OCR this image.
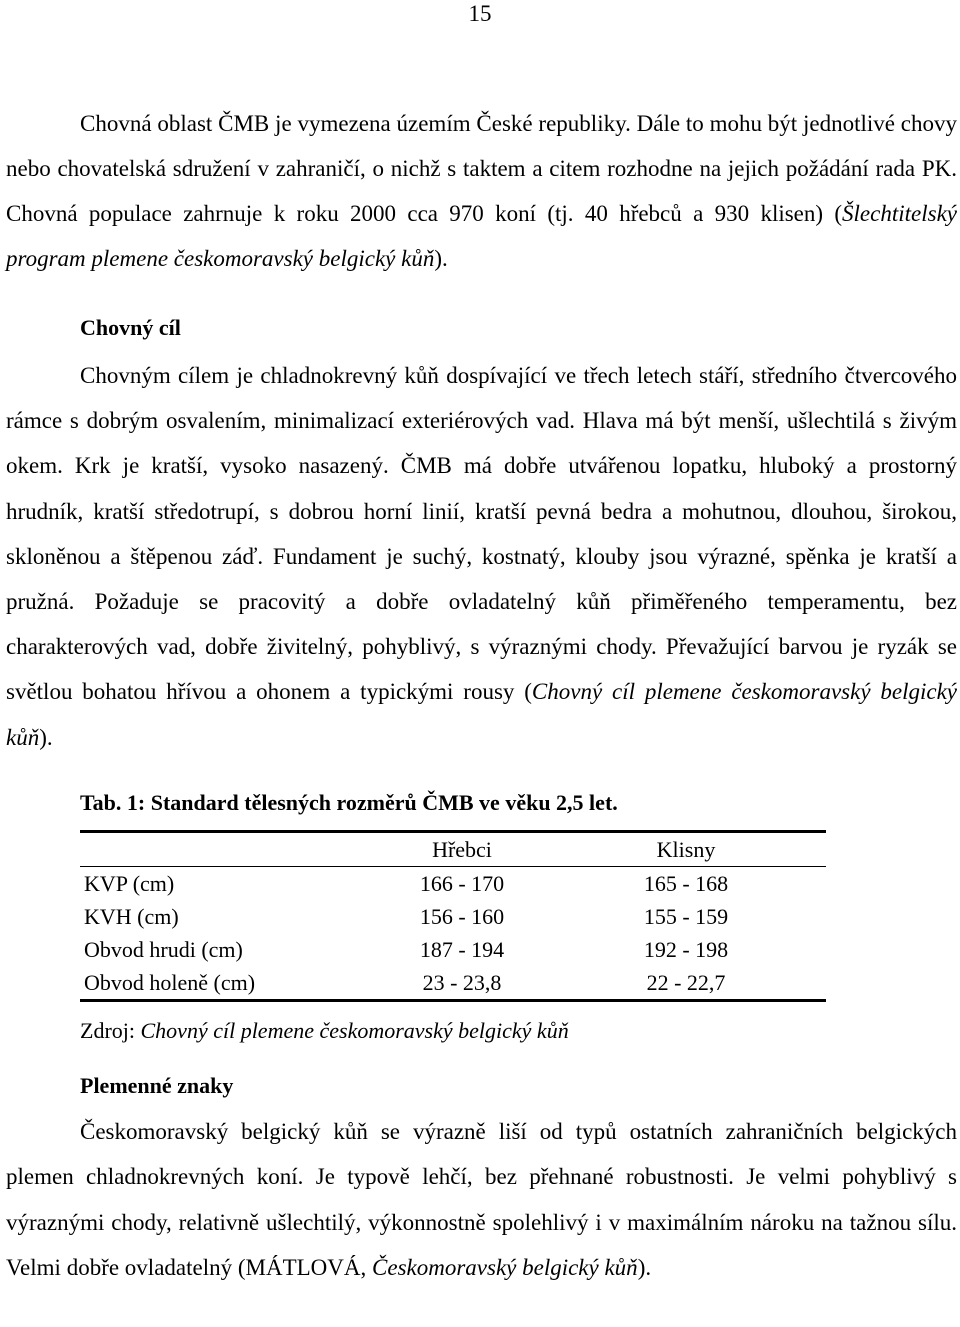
15

Chovná oblast ČMB je vymezena územím České republiky. Dále to mohu být jednotlivé chovy nebo chovatelská sdružení v zahraničí, o nichž s taktem a citem rozhodne na jejich požádání rada PK. Chovná populace zahrnuje k roku 2000 cca 970 koní (tj. 40 hřebců a 930 klisen) (Šlechtitelský program plemene českomoravský belgický kůň).

Chovný cíl

Chovným cílem je chladnokrevný kůň dospívající ve třech letech stáří, středního čtvercového rámce s dobrým osvalením, minimalizací exteriérových vad. Hlava má být menší, ušlechtilá s živým okem. Krk je kratší, vysoko nasazený. ČMB má dobře utvářenou lopatku, hluboký a prostorný hrudník, kratší středotrupí, s dobrou horní linií, kratší pevná bedra a mohutnou, dlouhou, širokou, skloněnou a štěpenou záď. Fundament je suchý, kostnatý, klouby jsou výrazné, spěnka je kratší a pružná. Požaduje se pracovitý a dobře ovladatelný kůň přiměřeného temperamentu, bez charakterových vad, dobře živitelný, pohyblivý, s výraznými chody. Převažující barvou je ryzák se světlou bohatou hřívou a ohonem a typickými rousy (Chovný cíl plemene českomoravský belgický kůň).

Tab. 1: Standard tělesných rozměrů ČMB ve věku 2,5 let.
	Hřebci	Klisny
KVP (cm)	166 - 170	165 - 168
KVH (cm)	156 - 160	155 - 159
Obvod hrudi (cm)	187 - 194	192 - 198
Obvod holeně (cm)	23 - 23,8	22 - 22,7
Zdroj: Chovný cíl plemene českomoravský belgický kůň
Plemenné znaky

Českomoravský belgický kůň se výrazně liší od typů ostatních zahraničních belgických plemen chladnokrevných koní. Je typově lehčí, bez přehnané robustnosti. Je velmi pohyblivý s výraznými chody, relativně ušlechtilý, výkonnostně spolehlivý i v maximálním nároku na tažnou sílu. Velmi dobře ovladatelný (MÁTLOVÁ, Českomoravský belgický kůň).
